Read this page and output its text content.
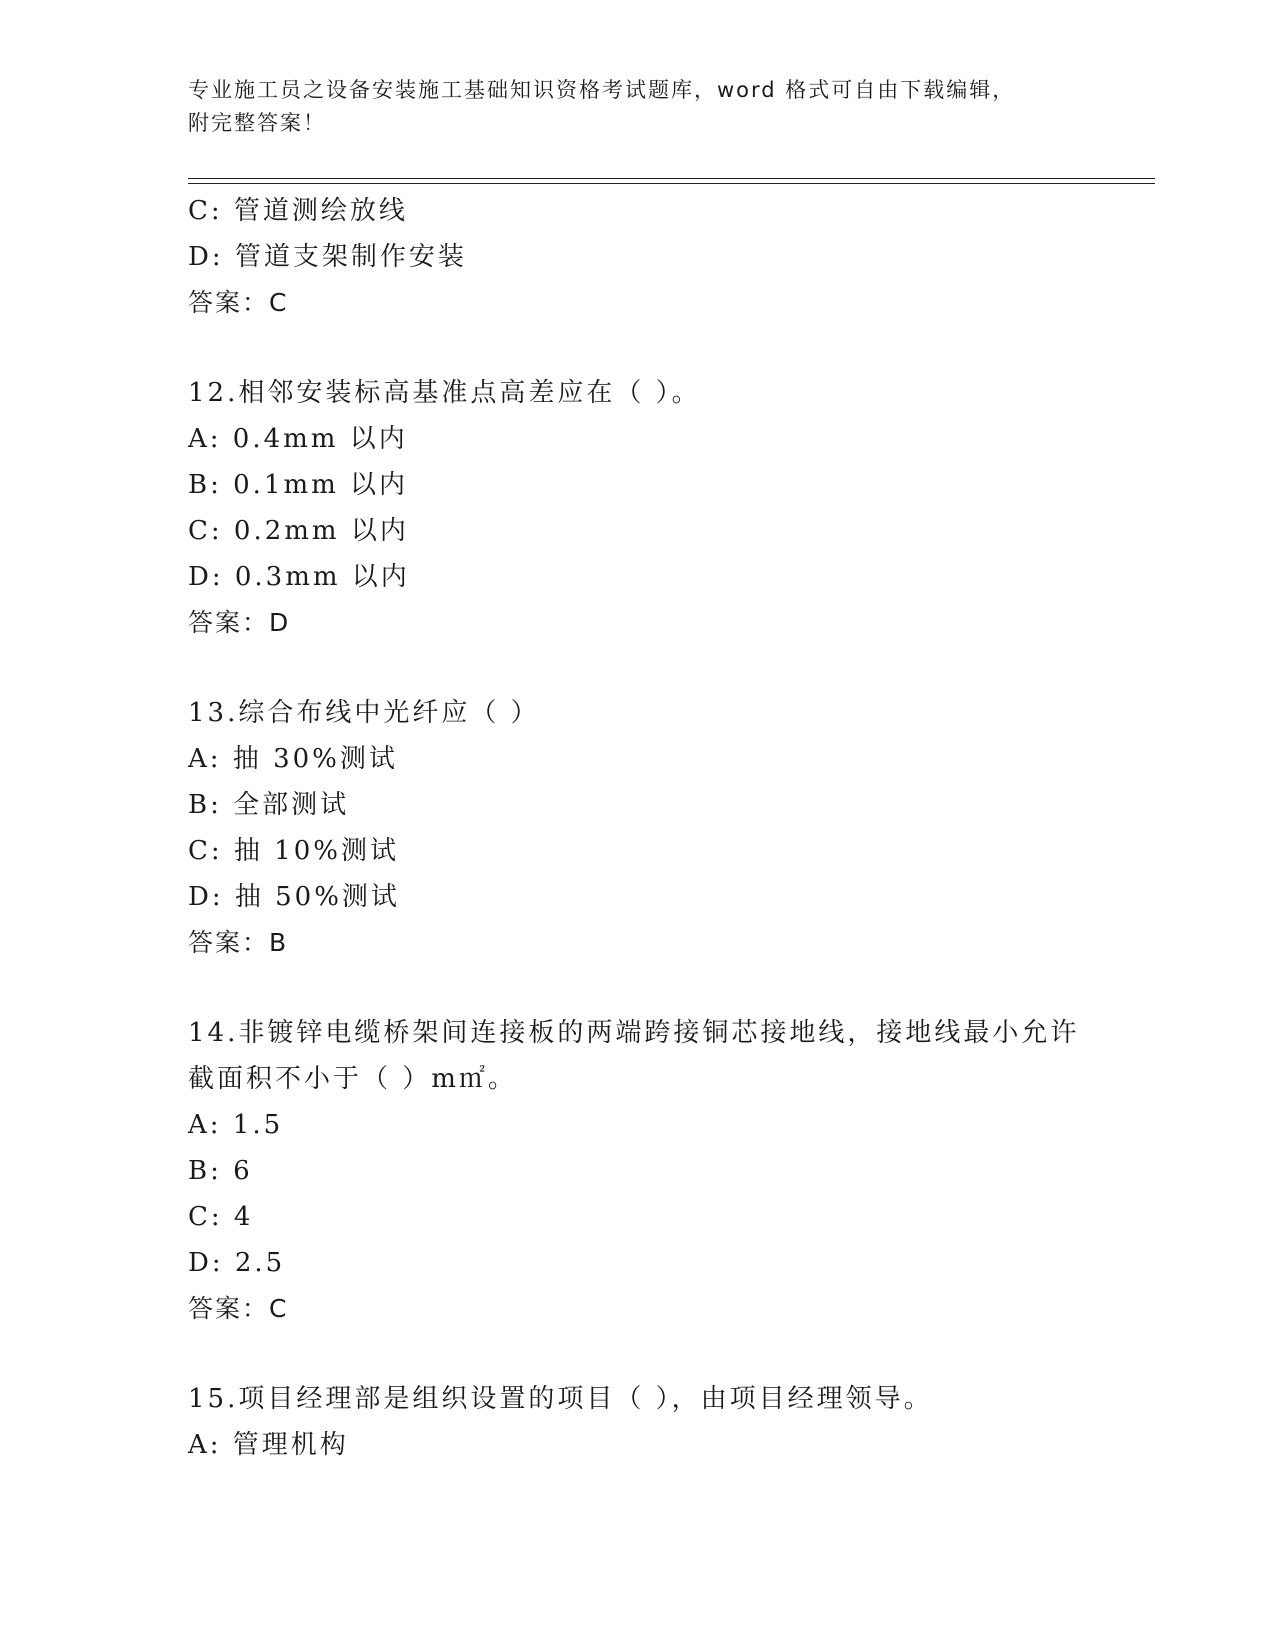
专业施工员之设备安装施工基础知识资格考试题库，word 格式可自由下载编辑，
附完整答案！
C: 管道测绘放线
D: 管道支架制作安装
答案：C
12.相邻安装标高基准点高差应在（ ）。
A: 0.4mm 以内
B: 0.1mm 以内
C: 0.2mm 以内
D: 0.3mm 以内
答案：D
13.综合布线中光纤应（ ）
A: 抽 30%测试
B: 全部测试
C: 抽 10%测试
D: 抽 50%测试
答案：B
14.非镀锌电缆桥架间连接板的两端跨接铜芯接地线，接地线最小允许
截面积不小于（ ）m㎡。
A: 1.5
B: 6
C: 4
D: 2.5
答案：C
15.项目经理部是组织设置的项目（ ），由项目经理领导。
A: 管理机构
